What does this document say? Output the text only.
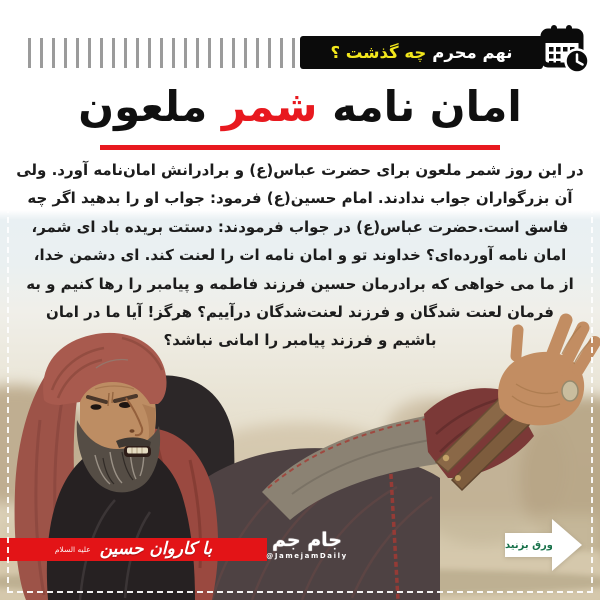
نهم محرم
چه گذشت ؟
امان نامه شمر ملعون

در این روز شمر ملعون برای حضرت عباس(ع) و برادرانش امان‌نامه آورد. ولی

آن بزرگواران جواب ندادند. امام حسین(ع) فرمود: جواب او را بدهید اگر چه

فاسق است.حضرت عباس(ع) در جواب فرمودند: دستت بریده باد ای شمر،

امان نامه آورده‌ای؟ خداوند تو و امان نامه ات را لعنت کند. ای دشمن خدا،

از ما می خواهی که برادرمان حسین فرزند فاطمه و پیامبر را رها کنیم و به

فرمان لعنت شدگان و فرزند لعنت‌شدگان درآییم؟ هرگز! آیا ما در امان

باشیم و فرزند پیامبر را امانی نباشد؟

با کاروان حسین
علیه السلام	جام جم
@JamejamDaily
ورق بزنید
